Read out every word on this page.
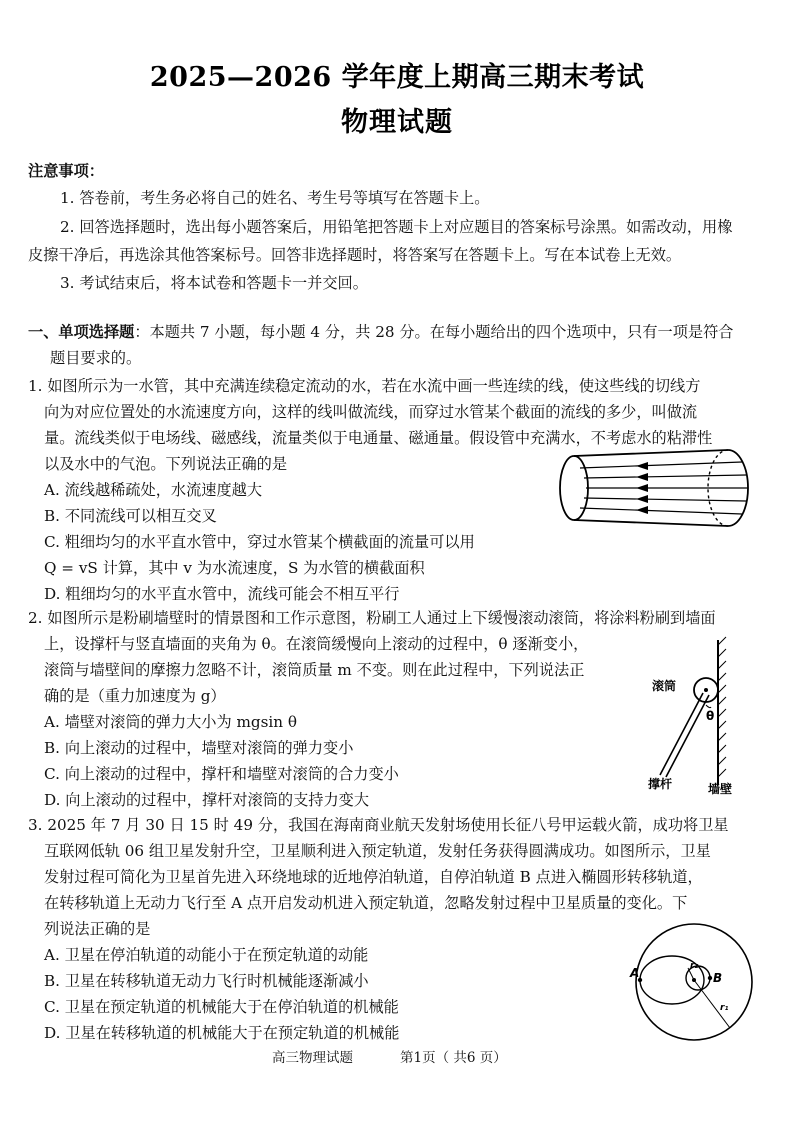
2025—2026 学年度上期高三期末考试
物理试题
注意事项：
1. 答卷前，考生务必将自己的姓名、考生号等填写在答题卡上。
2. 回答选择题时，选出每小题答案后，用铅笔把答题卡上对应题目的答案标号涂黑。如需改动，用橡
皮擦干净后，再选涂其他答案标号。回答非选择题时，将答案写在答题卡上。写在本试卷上无效。
3. 考试结束后，将本试卷和答题卡一并交回。
一、单项选择题：本题共 7 小题，每小题 4 分，共 28 分。在每小题给出的四个选项中，只有一项是符合
题目要求的。
1. 如图所示为一水管，其中充满连续稳定流动的水，若在水流中画一些连续的线，使这些线的切线方
向为对应位置处的水流速度方向，这样的线叫做流线，而穿过水管某个截面的流线的多少，叫做流
量。流线类似于电场线、磁感线，流量类似于电通量、磁通量。假设管中充满水，不考虑水的粘滞性
以及水中的气泡。下列说法正确的是
A. 流线越稀疏处，水流速度越大
B. 不同流线可以相互交叉
C. 粗细均匀的水平直水管中，穿过水管某个横截面的流量可以用
Q = vS 计算，其中 v 为水流速度，S 为水管的横截面积
D. 粗细均匀的水平直水管中，流线可能会不相互平行
2. 如图所示是粉刷墙壁时的情景图和工作示意图，粉刷工人通过上下缓慢滚动滚筒，将涂料粉刷到墙面
上，设撑杆与竖直墙面的夹角为 θ。在滚筒缓慢向上滚动的过程中，θ 逐渐变小，
滚筒与墙壁间的摩擦力忽略不计，滚筒质量 m 不变。则在此过程中，下列说法正
确的是（重力加速度为 g）
A. 墙壁对滚筒的弹力大小为 mgsin θ
B. 向上滚动的过程中，墙壁对滚筒的弹力变小
C. 向上滚动的过程中，撑杆和墙壁对滚筒的合力变小
D. 向上滚动的过程中，撑杆对滚筒的支持力变大
θ
滚筒
撑杆	墙壁
3. 2025 年 7 月 30 日 15 时 49 分，我国在海南商业航天发射场使用长征八号甲运载火箭，成功将卫星
互联网低轨 06 组卫星发射升空，卫星顺利进入预定轨道，发射任务获得圆满成功。如图所示，卫星
发射过程可简化为卫星首先进入环绕地球的近地停泊轨道，自停泊轨道 B 点进入椭圆形转移轨道，
在转移轨道上无动力飞行至 A 点开启发动机进入预定轨道，忽略发射过程中卫星质量的变化。下
列说法正确的是
A. 卫星在停泊轨道的动能小于在预定轨道的动能
B. 卫星在转移轨道无动力飞行时机械能逐渐减小
C. 卫星在预定轨道的机械能大于在停泊轨道的机械能
D. 卫星在转移轨道的机械能大于在预定轨道的机械能
A	B
r₂
r₁
高三物理试题	第1页（ 共6 页）
